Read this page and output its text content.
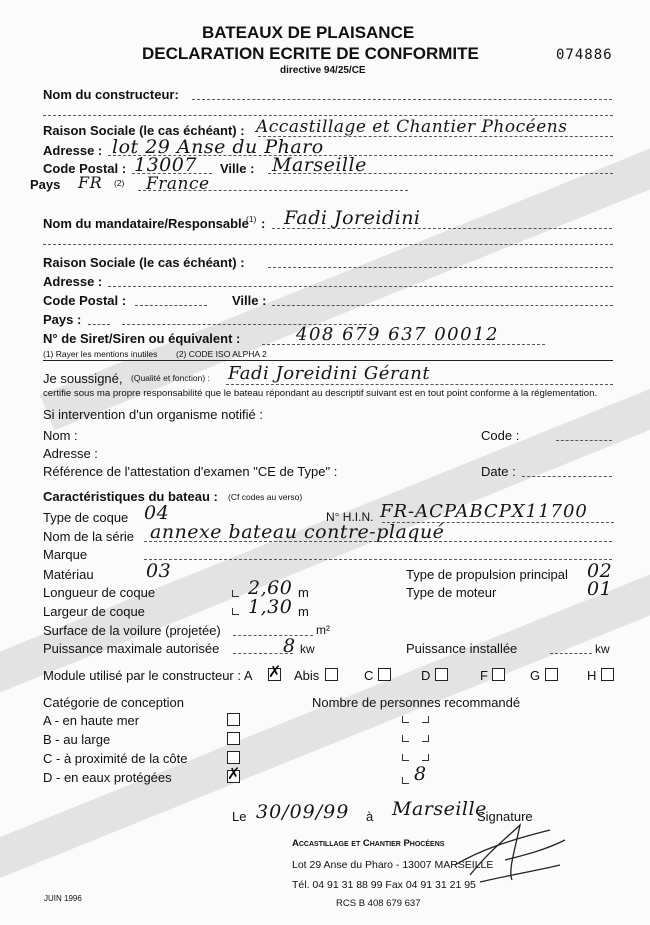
BATEAUX DE PLAISANCE
DECLARATION ECRITE DE CONFORMITE
directive 94/25/CE
074886
Nom du constructeur:
Raison Sociale (le cas échéant) : Accastillage et Chantier Phocéens
Adresse : lot 29 Anse du Pharo
Code Postal : 13007 Ville : Marseille
Pays FR (2) France
Nom du mandataire/Responsable
(1) : Fadi Joreidini
Raison Sociale (le cas échéant) :
Adresse :
Code Postal :	Ville :
Pays :
N° de Siret/Siren ou équivalent :	408 679 637 00012
(1) Rayer les mentions inutiles (2) CODE ISO ALPHA 2
Je soussigné, (Qualité et fonction) : Fadi Joreidini Gérant
certifie sous ma propre responsabilité que le bateau répondant au descriptif suivant est en tout point conforme à la réglementation.
Si intervention d'un organisme notifié :
Nom :	Code :
Adresse :
Référence de l'attestation d'examen "CE de Type" :	Date :
Caractéristiques du bateau : (Cf codes au verso)
Type de coque 04	N° H.I.N. FR-ACPABCPX11700
Nom de la série annexe bateau contre-plaqué
Marque
Matériau	03	Type de propulsion principal 02
Longueur de coque	2,60 m	Type de moteur	01
Largeur de coque	1,30 m
Surface de la voilure (projetée)	m²
Puissance maximale autorisée	8 kw	Puissance installée	kw
Module utilisé par le constructeur : A ✗ Abis	C	D	F	G	H
Catégorie de conception	Nombre de personnes recommandé
A - en haute mer
B - au large
C - à proximité de la côte
D - en eaux protégées	✗	8
Le 30/09/99 à Marseille
Signature
Accastillage et Chantier Phocéens
Lot 29 Anse du Pharo - 13007 MARSEILLE
Tél. 04 91 31 88 99 Fax 04 91 31 21 95
RCS B 408 679 637
JUIN 1996
